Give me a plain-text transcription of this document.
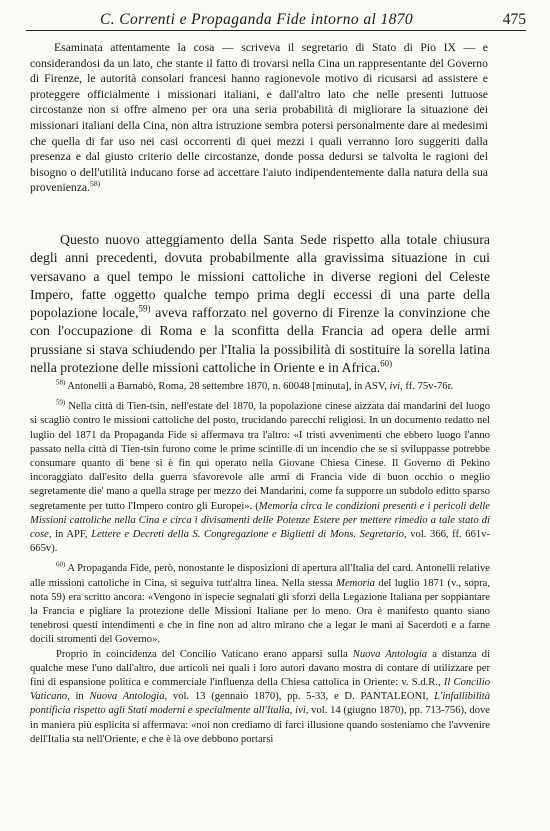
C. Correnti e Propaganda Fide intorno al 1870	475

Esaminata attentamente la cosa — scriveva il segretario di Stato di Pio IX — e considerandosi da un lato, che stante il fatto di trovarsi nella Cina un rappresentante del Governo di Firenze, le autorità consolari francesi hanno ragionevole motivo di ricusarsi ad assistere e proteggere officialmente i missionari italiani, e dall'altro lato che nelle presenti luttuose circostanze non si offre almeno per ora una seria probabilità di migliorare la situazione dei missionari italiani della Cina, non altra istruzione sembra potersi personalmente dare ai medesimi che quella di far uso nei casi occorrenti di quei mezzi i quali verranno loro suggeriti dalla presenza e dal giusto criterio delle circostanze, donde possa dedursi se talvolta le ragioni del bisogno o dell'utilità inducano forse ad accettare l'aiuto indipendentemente dalla natura della sua provenienza.$^{58)}$

Questo nuovo atteggiamento della Santa Sede rispetto alla totale chiusura degli anni precedenti, dovuta probabilmente alla gravissima situazione in cui versavano a quel tempo le missioni cattoliche in diverse regioni del Celeste Impero, fatte oggetto qualche tempo prima degli eccessi di una parte della popolazione locale,$^{59)}$ aveva rafforzato nel governo di Firenze la convinzione che con l'occupazione di Roma e la sconfitta della Francia ad opera delle armi prussiane si stava schiudendo per l'Italia la possibilità di sostituire la sorella latina nella protezione delle missioni cattoliche in Oriente e in Africa.$^{60)}$

$^{58)}$ Antonelli a Barnabò, Roma, 28 settembre 1870, n. 60048 [minuta], in ASV, ivi, ff. 75v-76r.

$^{59)}$ Nella città di Tien-tsin, nell'estate del 1870, la popolazione cinese aizzata dai mandarini del luogo si scagliò contro le missioni cattoliche del posto, trucidando parecchi religiosi. In un documento redatto nel luglio del 1871 da Propaganda Fide si affermava tra l'altro: «I tristi avvenimenti che ebbero luogo l'anno passato nella città di Tien-tsin furono come le prime scintille di un incendio che se si sviluppasse potrebbe consumare quanto di bene si è fin qui operato nella Giovane Chiesa Cinese. Il Governo di Pekino incoraggiato dall'esito della guerra sfavorevole alle armi di Francia vide di buon occhio o meglio segretamente die' mano a quella strage per mezzo dei Mandarini, come fa supporre un subdolo editto sparso segretamente per tutto l'Impero contro gli Europei». (Memoria circa le condizioni presenti e i pericoli delle Missioni cattoliche nella Cina e circa i divisamenti delle Potenze Estere per mettere rimedio a tale stato di cose, in APF, Lettere e Decreti della S. Congregazione e Biglietti di Mons. Segretario, vol. 366, ff. 661v-665v).

$^{60)}$ A Propaganda Fide, però, nonostante le disposizioni di apertura all'Italia del card. Antonelli relative alle missioni cattoliche in Cina, si seguiva tutt'altra linea. Nella stessa Memoria del luglio 1871 (v., sopra, nota 59) era scritto ancora: «Vengono in ispecie segnalati gli sforzi della Legazione Italiana per soppiantare la Francia e pigliare la protezione delle Missioni Italiane per lo meno. Ora è manifesto quanto siano tenebrosi questi intendimenti e che in fine non ad altro mirano che a legar le mani ai Sacerdoti e a farne docili stromenti del Governo».

Proprio in coincidenza del Concilio Vaticano erano apparsi sulla Nuova Antologia a distanza di qualche mese l'uno dall'altro, due articoli nei quali i loro autori davano mostra di contare di utilizzare per fini di espansione politica e commerciale l'influenza della Chiesa cattolica in Oriente: v. S.d.R., Il Concilio Vaticano, in Nuova Antologia, vol. 13 (gennaio 1870), pp. 5-33, e D. PANTALEONI, L'infallibilità pontificia rispetto agli Stati moderni e specialmente all'Italia, ivi, vol. 14 (giugno 1870), pp. 713-756), dove in maniera più esplicita si affermava: «noi non crediamo di farci illusione quando sosteniamo che l'avvenire dell'Italia sta nell'Oriente, e che è là ove debbono portarsi
